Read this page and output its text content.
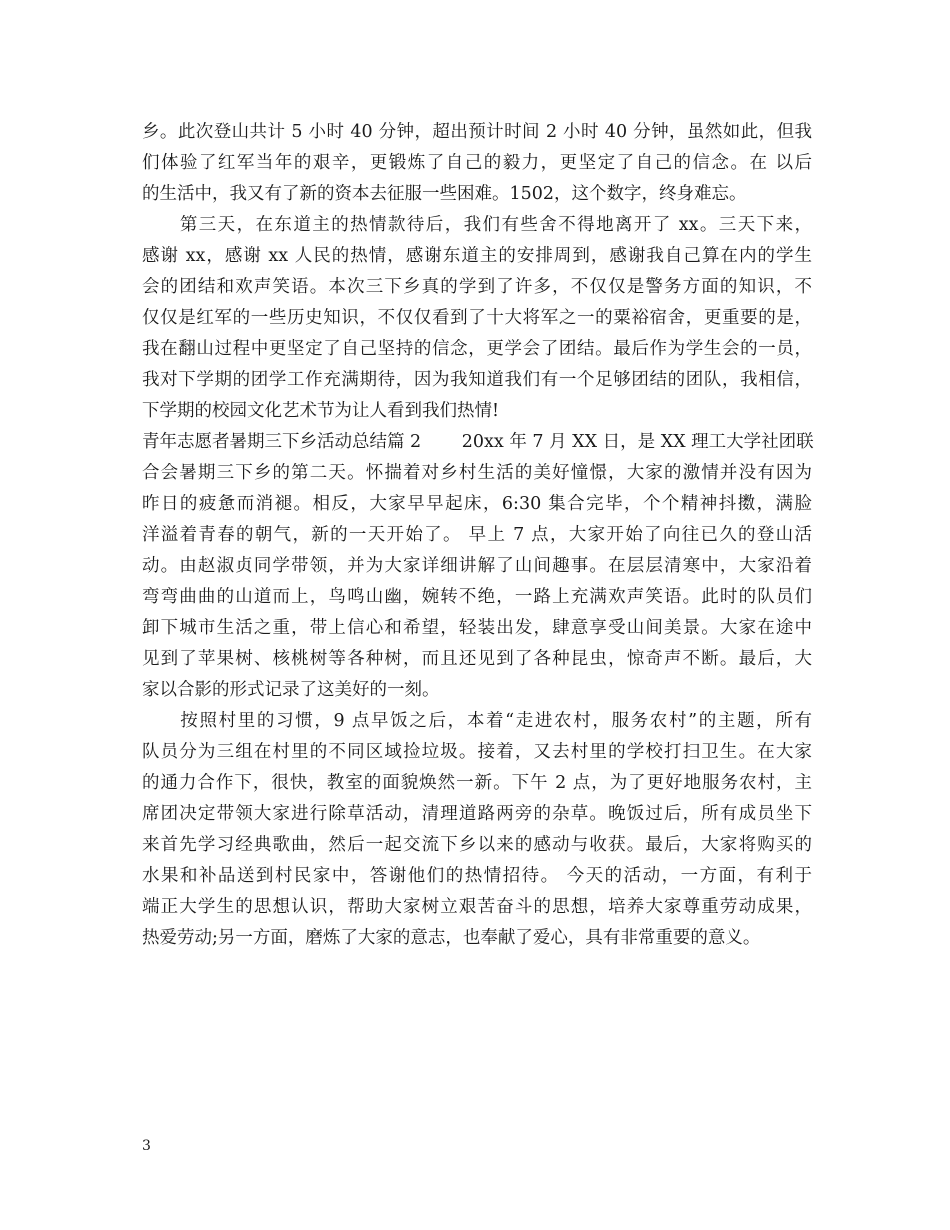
乡。此次登山共计 5 小时 40 分钟，超出预计时间 2 小时 40 分钟，虽然如此，但我
们体验了红军当年的艰辛，更锻炼了自己的毅力，更坚定了自己的信念。在 以后
的生活中，我又有了新的资本去征服一些困难。1502，这个数字，终身难忘。
　　第三天，在东道主的热情款待后，我们有些舍不得地离开了 xx。三天下来，
感谢 xx，感谢 xx 人民的热情，感谢东道主的安排周到，感谢我自己算在内的学生
会的团结和欢声笑语。本次三下乡真的学到了许多，不仅仅是警务方面的知识，不
仅仅是红军的一些历史知识，不仅仅看到了十大将军之一的粟裕宿舍，更重要的是，
我在翻山过程中更坚定了自己坚持的信念，更学会了团结。最后作为学生会的一员，
我对下学期的团学工作充满期待，因为我知道我们有一个足够团结的团队，我相信，
下学期的校园文化艺术节为让人看到我们热情!
青年志愿者暑期三下乡活动总结篇 2　　 20xx 年 7 月 XX 日，是 XX 理工大学社团联
合会暑期三下乡的第二天。怀揣着对乡村生活的美好憧憬，大家的激情并没有因为
昨日的疲惫而消褪。相反，大家早早起床，6:30 集合完毕，个个精神抖擞，满脸
洋溢着青春的朝气，新的一天开始了。 早上 7 点，大家开始了向往已久的登山活
动。由赵淑贞同学带领，并为大家详细讲解了山间趣事。在层层清寒中，大家沿着
弯弯曲曲的山道而上，鸟鸣山幽，婉转不绝，一路上充满欢声笑语。此时的队员们
卸下城市生活之重，带上信心和希望，轻装出发，肆意享受山间美景。大家在途中
见到了苹果树、核桃树等各种树，而且还见到了各种昆虫，惊奇声不断。最后，大
家以合影的形式记录了这美好的一刻。
　　按照村里的习惯，9 点早饭之后，本着“走进农村，服务农村”的主题，所有
队员分为三组在村里的不同区域捡垃圾。接着，又去村里的学校打扫卫生。在大家
的通力合作下，很快，教室的面貌焕然一新。下午 2 点，为了更好地服务农村，主
席团决定带领大家进行除草活动，清理道路两旁的杂草。晚饭过后，所有成员坐下
来首先学习经典歌曲，然后一起交流下乡以来的感动与收获。最后，大家将购买的
水果和补品送到村民家中，答谢他们的热情招待。 今天的活动，一方面，有利于
端正大学生的思想认识，帮助大家树立艰苦奋斗的思想，培养大家尊重劳动成果，
热爱劳动;另一方面，磨炼了大家的意志，也奉献了爱心，具有非常重要的意义。
3
